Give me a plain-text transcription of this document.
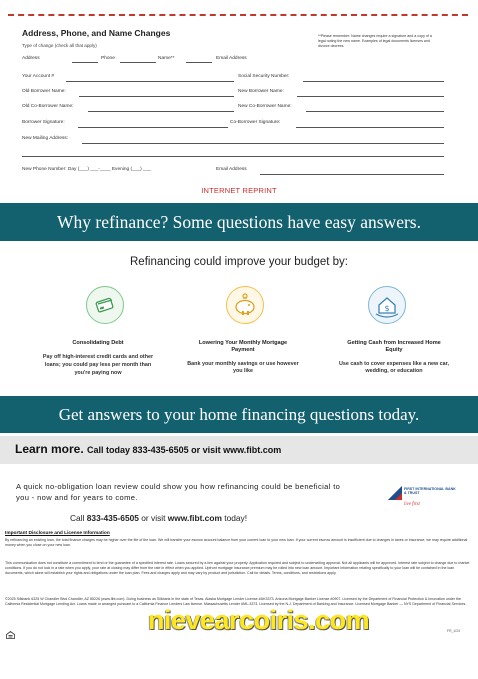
Address, Phone, and Name Changes
Type of change (check all that apply)
**Please remember: Name changes require a signature and a copy of a legal noting the new name. Examples of legal documents licenses and divorce decrees.
Address	Phone	Name**	Email Address
Your Account #	Social Security Number:
Old Borrower Name:	New Borrower Name:
Old Co-Borrower Name:	New Co-Borrower Name:
Borrower Signature:	Co-Borrower Signature:
New Mailing Address:
New Phone Number: Day (___) ___-____ Evening (___) ___	Email Address
INTERNET REPRINT
Why refinance? Some questions have easy answers.
Refinancing could improve your budget by:
$
Consolidating Debt
Pay off high-interest credit cards and other loans; you could pay less per month than you're paying now
Lowering Your Monthly Mortgage Payment
Bank your monthly savings or use however you like
Getting Cash from Increased Home Equity
Use cash to cover expenses like a new car, wedding, or education
Get answers to your home financing questions today.
Learn more. Call today 833-435-6505 or visit www.fibt.com
A quick no-obligation loan review could show you how refinancing could be beneficial to you - now and for years to come.
Call 833-435-6505 or visit www.fibt.com today!
FIRST INTERNATIONAL BANK & TRUST
live first
Important Disclosure and License Information
By refinancing an existing loan, the total finance charges may be higher over the life of the loan. We will transfer your escrow account balance from your current loan to your new loan. If your current escrow amount is insufficient due to changes in taxes or insurance, we may require additional money when you close on your new loan.
This communication does not constitute a commitment to lend or the guarantee of a specified interest rate. Loans secured by a lien against your property. Application required and subject to underwriting approval. Not all applicants will be approved. Interest rate subject to change due to market conditions. If you do not lock in a rate when you apply, your rate at closing may differ from the rate in effect when you applied. Upfront mortgage insurance premium may be rolled into new loan amount. Important information relating specifically to your loan will be contained in the loan documents, which alone will establish your rights and obligations under the loan plan. Fees and charges apply and may vary by product and jurisdiction. Call for details. Terms, conditions, and restrictions apply.
©2025 Silkbank 6325 W Chandler Blvd Chandler, AZ 85226 (www.fibt.com). Doing business as Silkbank in the state of Texas. Alaska Mortgage Lender License #AK3373. Arizona Mortgage Banker License #0907. Licensed by the Department of Financial Protection & Innovation under the California Residential Mortgage Lending Act. Loans made or arranged pursuant to a California Finance Lenders Law license. Massachusetts Lender #ML-3373. Licensed by the N.J. Department of Banking and Insurance. Licensed Mortgage Banker — NYS Department of Financial Services.
FR_1/24
nievearcoiris.com
